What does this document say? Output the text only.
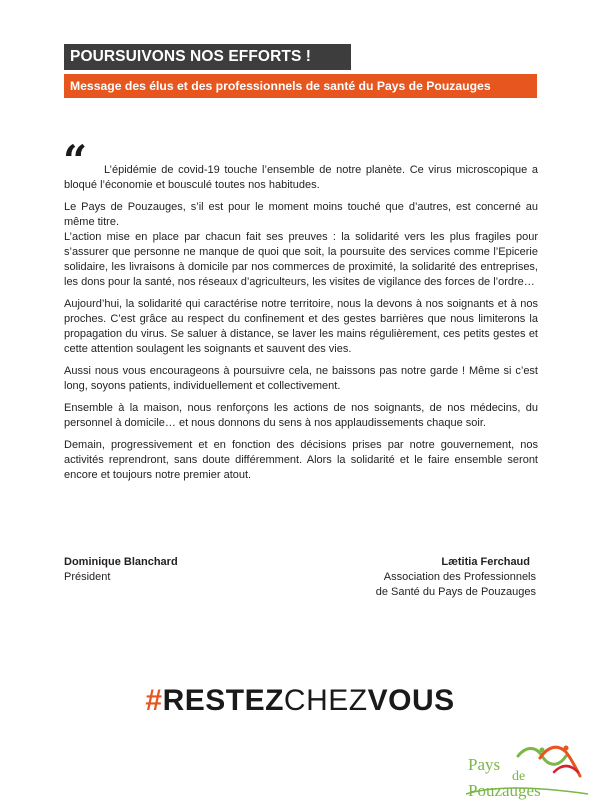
POURSUIVONS NOS EFFORTS !
Message des élus et des professionnels de santé du Pays de Pouzauges
“	L’épidémie de covid-19 touche l’ensemble de notre planète. Ce virus microscopique a bloqué l’économie et bousculé toutes nos habitudes.

Le Pays de Pouzauges, s’il est pour le moment moins touché que d’autres, est concerné au même titre.

L’action mise en place par chacun fait ses preuves : la solidarité vers les plus fragiles pour s’assurer que personne ne manque de quoi que soit, la poursuite des services comme l’Epicerie solidaire, les livraisons à domicile par nos commerces de proximité, la solidarité des entreprises, les dons pour la santé, nos réseaux d’agriculteurs, les visites de vigilance des forces de l’ordre…

Aujourd’hui, la solidarité qui caractérise notre territoire, nous la devons à nos soignants et à nos proches. C’est grâce au respect du confinement et des gestes barrières que nous limiterons la propagation du virus. Se saluer à distance, se laver les mains régulièrement, ces petits gestes et cette attention soulagent les soignants et sauvent des vies.

Aussi nous vous encourageons à poursuivre cela, ne baissons pas notre garde ! Même si c’est long, soyons patients, individuellement et collectivement.

Ensemble à la maison, nous renforçons les actions de nos soignants, de nos médecins, du personnel à domicile… et nous donnons du sens à nos applaudissements chaque soir.

Demain, progressivement et en fonction des décisions prises par notre gouvernement, nos activités reprendront, sans doute différemment. Alors la solidarité et le faire ensemble seront encore et toujours notre premier atout.

Dominique Blanchard
Président
Lætitia Ferchaud
Association des Professionnels
de Santé du Pays de Pouzauges
#RESTEZCHEZVOUS
Pays
de
Pouzauges
